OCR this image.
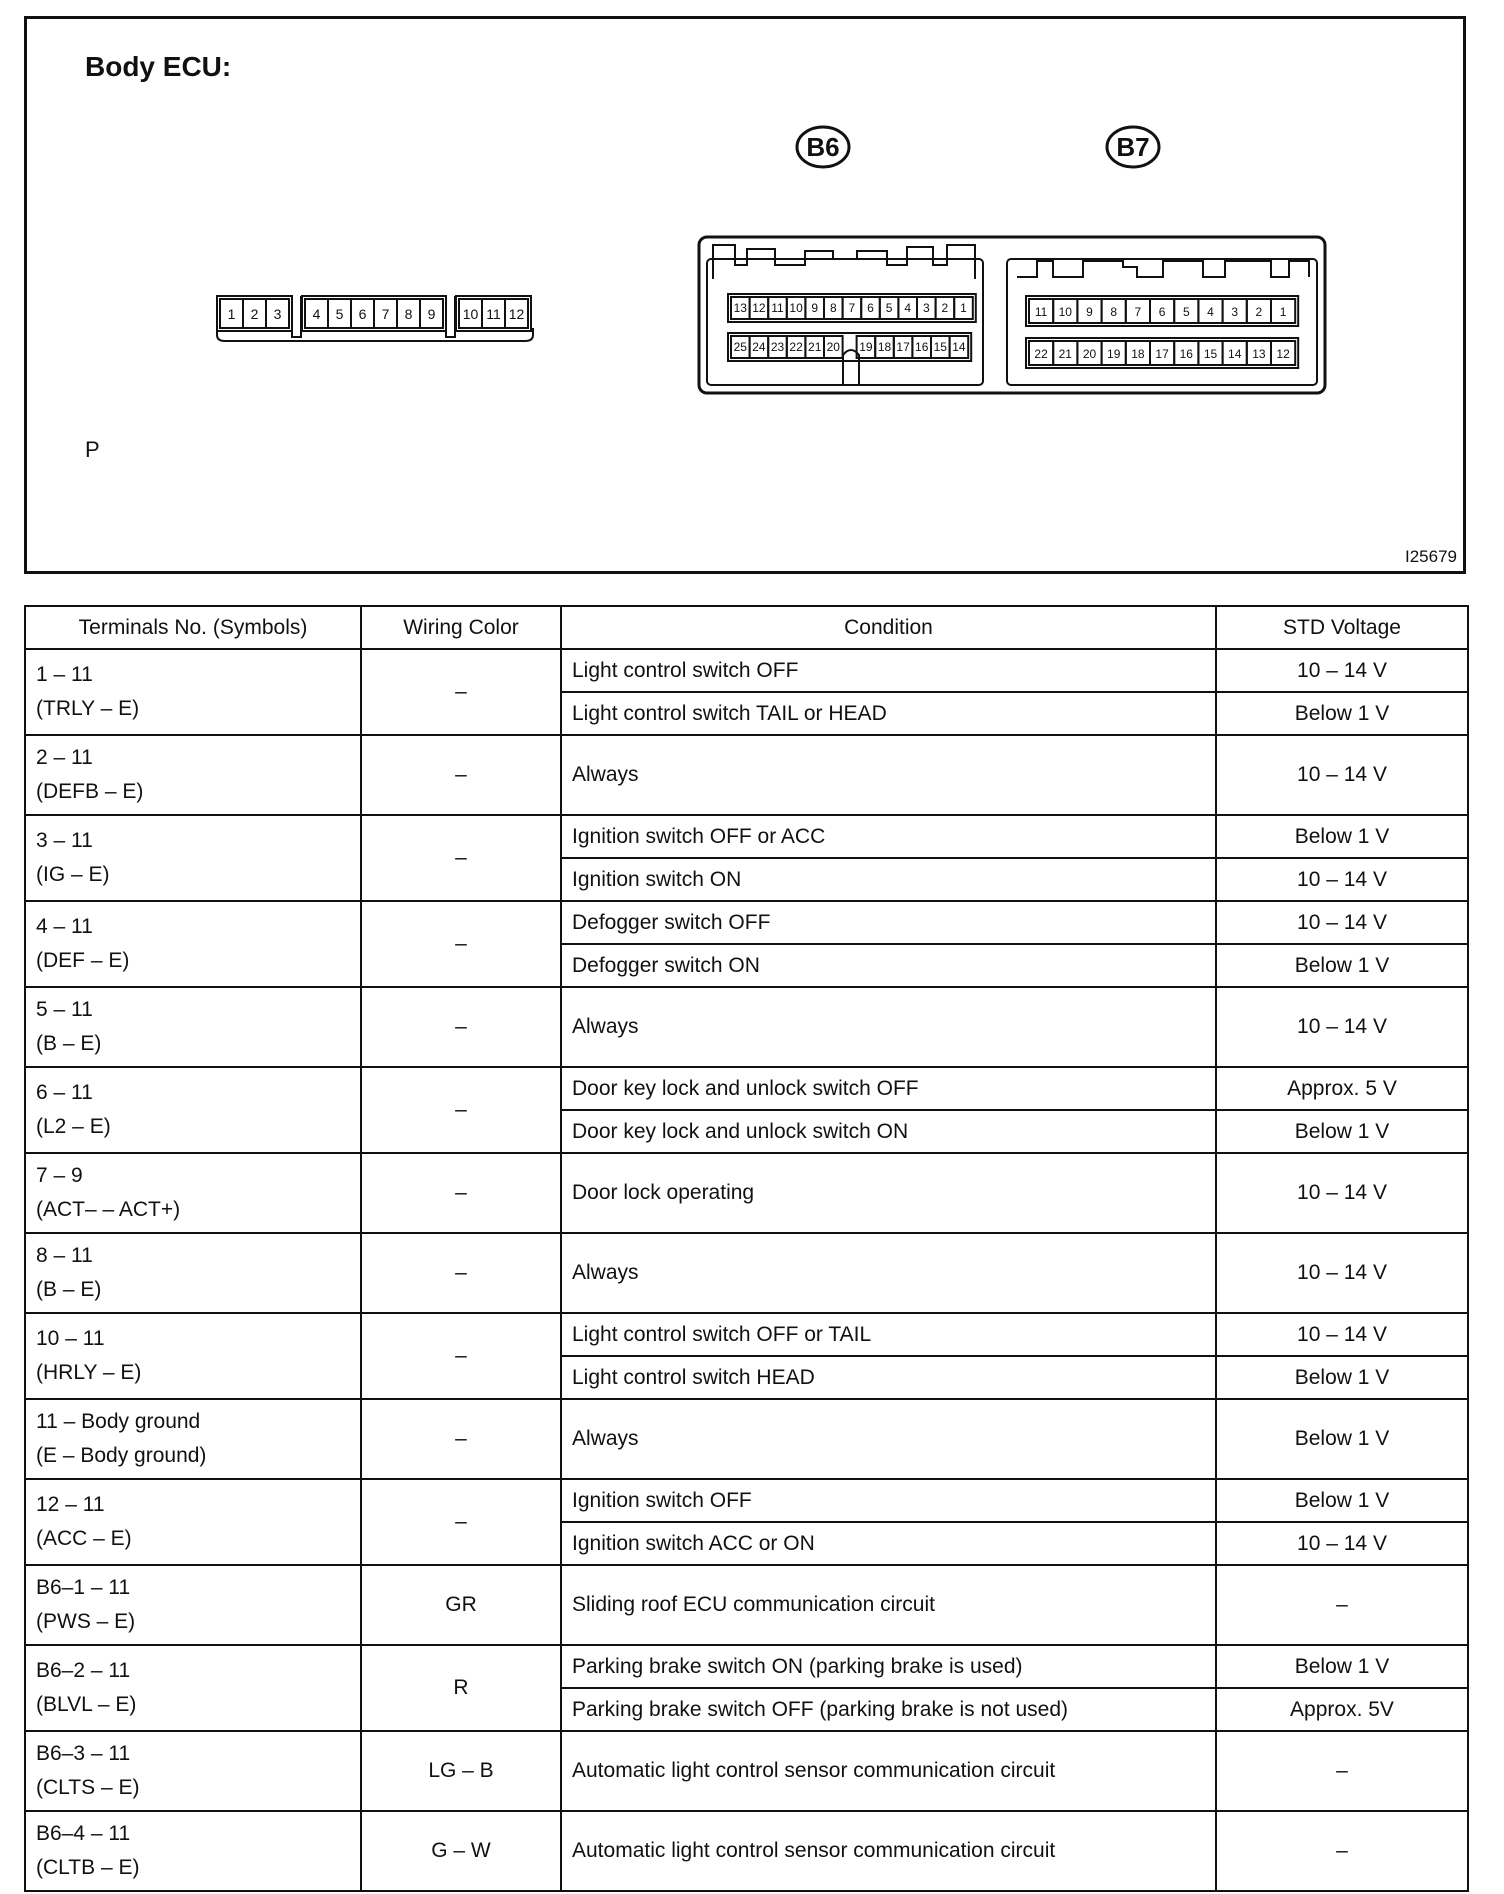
1 2 3 4 5 6 7 8 9 10 11 12
B6	B7
13 12 11 10 9 8 7 6 5 4 3 2 1
25 24 23 22 21 20 19 18 17 16 15 14
11 10 9 8 7 6 5 4 3 2 1
22 21 20 19 18 17 16 15 14 13 12
Body ECU:
P
I25679
Terminals No. (Symbols)	Wiring Color	Condition	STD Voltage

1 – 11
(TRLY – E)	–	Light control switch OFF	10 – 14 V
		Light control switch TAIL or HEAD	Below 1 V

2 – 11
(DEFB – E)	–	Always	10 – 14 V

3 – 11
(IG – E)	–	Ignition switch OFF or ACC	Below 1 V
		Ignition switch ON	10 – 14 V

4 – 11
(DEF – E)	–	Defogger switch OFF	10 – 14 V
		Defogger switch ON	Below 1 V

5 – 11
(B – E)	–	Always	10 – 14 V

6 – 11
(L2 – E)	–	Door key lock and unlock switch OFF	Approx. 5 V
		Door key lock and unlock switch ON	Below 1 V

7 – 9
(ACT– – ACT+)	–	Door lock operating	10 – 14 V

8 – 11
(B – E)	–	Always	10 – 14 V

10 – 11
(HRLY – E)	–	Light control switch OFF or TAIL	10 – 14 V
		Light control switch HEAD	Below 1 V

11 – Body ground
(E – Body ground)	–	Always	Below 1 V

12 – 11
(ACC – E)	–	Ignition switch OFF	Below 1 V
		Ignition switch ACC or ON	10 – 14 V

B6–1 – 11
(PWS – E)	GR	Sliding roof ECU communication circuit	–

B6–2 – 11
(BLVL – E)	R	Parking brake switch ON (parking brake is used)	Below 1 V
		Parking brake switch OFF (parking brake is not used)	Approx. 5V

B6–3 – 11
(CLTS – E)	LG – B	Automatic light control sensor communication circuit	–

B6–4 – 11
(CLTB – E)	G – W	Automatic light control sensor communication circuit	–
